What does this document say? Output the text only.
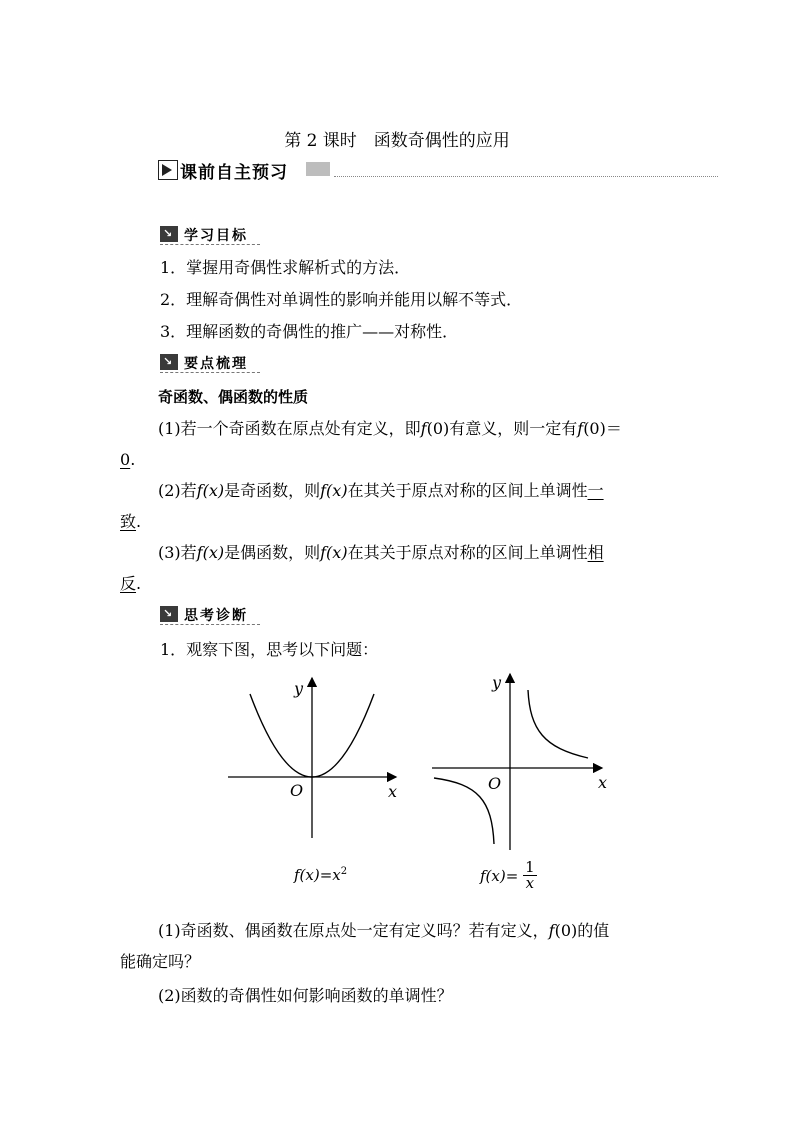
第 2 课时　函数奇偶性的应用
课前自主预习
↘ 学习目标
1．掌握用奇偶性求解析式的方法．
2．理解奇偶性对单调性的影响并能用以解不等式．
3．理解函数的奇偶性的推广——对称性．
↘ 要点梳理
奇函数、偶函数的性质
(1)若一个奇函数在原点处有定义，即f(0)有意义，则一定有f(0)＝
0.
(2)若f(x)是奇函数，则f(x)在其关于原点对称的区间上单调性一
致.
(3)若f(x)是偶函数，则f(x)在其关于原点对称的区间上单调性相
反.
↘ 思考诊断
1．观察下图，思考以下问题：
y
x
O
$f(x)=x^2$
y
x
O
$f(x)= \frac{1}{x}$
(1)奇函数、偶函数在原点处一定有定义吗？若有定义，f(0)的值
能确定吗？
(2)函数的奇偶性如何影响函数的单调性？
